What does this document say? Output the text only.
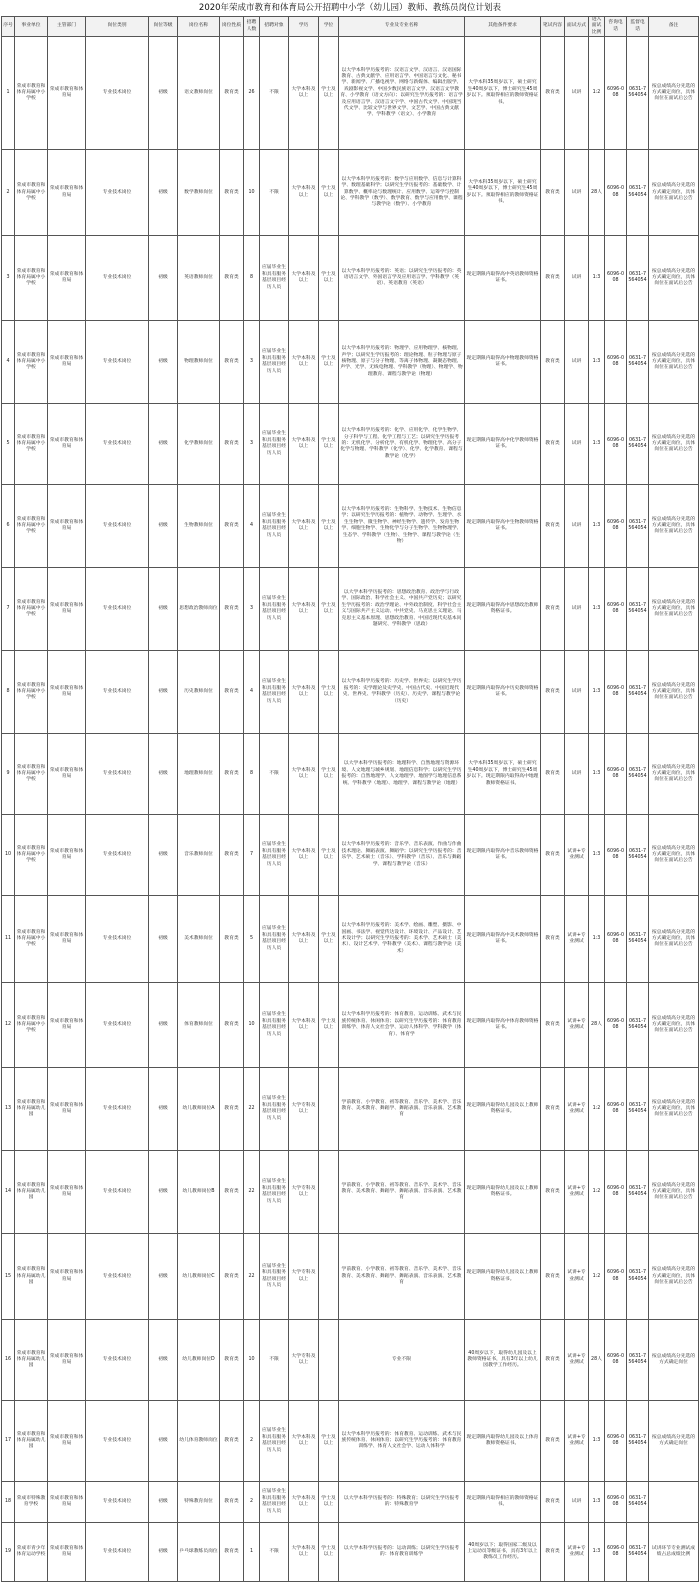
2020年荣成市教育和体育局公开招聘中小学（幼儿园）教师、教练员岗位计划表
序号	事业单位	主管部门	岗位类别	岗位等级	岗位名称	岗位性质	招聘人数	招聘对象	学历	学位	专业及专业名称	其他条件要求	笔试内容	面试方式	进入面试比例	咨询电话	监督电话	备注
1	荣成市教育和体育局属中小学校	荣成市教育和体育局	专业技术岗位	初级	语文教师岗位	教育类	26	不限	大学本科及以上	学士及以上	以大学本科学历报考的：汉语言文学、汉语言、汉语国际教育、古典文献学、应用语言学、中国语言与文化、秘书学、新闻学、广播电视学、网络与新媒体、编辑出版学、戏剧影视文学、中国少数民族语言文学、汉语言文学教育、小学教育（语文方向）；以研究生学历报考的：语言学及应用语言学、汉语言文字学、中国古代文学、中国现当代文学、比较文学与世界文学、文艺学、中国古典文献学、学科教学（语文）、小学教育	大学本科35周岁以下，硕士研究生40周岁以下，博士研究生45周岁以下。须取得相应的教师资格证书。	教育类	试讲	1:2	6096-008	0631-7564054	按总成绩高分先选的方式确定岗位，具体岗位在面试后公告
2	荣成市教育和体育局属中小学校	荣成市教育和体育局	专业技术岗位	初级	数学教师岗位	教育类	10	不限	大学本科及以上	学士及以上	以大学本科学历报考的：数学与应用数学、信息与计算科学、数理基础科学；以研究生学历报考的：基础数学、计算数学、概率论与数理统计、应用数学、运筹学与控制论、学科教学（数学）、数学教育、数学与应用数学、课程与教学论（数学）、小学教育	大学本科35周岁以下，硕士研究生40周岁以下，博士研究生45周岁以下。须取得相应的教师资格证书。	教育类	试讲	28人	6096-008	0631-7564054	按总成绩高分先选的方式确定岗位，具体岗位在面试后公告
3	荣成市教育和体育局属中小学校	荣成市教育和体育局	专业技术岗位	初级	英语教师岗位	教育类	8	应届毕业生和具有服务基层项目经历人员	大学本科及以上	学士及以上	以大学本科学历报考的：英语；以研究生学历报考的：英语语言文学、外国语言学及应用语言学、学科教学（英语）、英语教育（英语）	现定期限内取得高中英语教师资格证书。	教育类	试讲	1:3	6096-008	0631-7564054	按总成绩高分先选的方式确定岗位，具体岗位在面试后公告
4	荣成市教育和体育局属中小学校	荣成市教育和体育局	专业技术岗位	初级	物理教师岗位	教育类	3	应届毕业生和具有服务基层项目经历人员	大学本科及以上	学士及以上	以大学本科学历报考的：物理学、应用物理学、核物理、声学；以研究生学历报考的：理论物理、粒子物理与原子核物理、原子与分子物理、等离子体物理、凝聚态物理、声学、光学、无线电物理、学科教学（物理）、物理学、物理教育、课程与教学论（物理）	现定期限内取得高中物理教师资格证书。	教育类	试讲	1:3	6096-008	0631-7564054	按总成绩高分先选的方式确定岗位，具体岗位在面试后公告
5	荣成市教育和体育局属中小学校	荣成市教育和体育局	专业技术岗位	初级	化学教师岗位	教育类	3	应届毕业生和具有服务基层项目经历人员	大学本科及以上	学士及以上	以大学本科学历报考的：化学、应用化学、化学生物学、分子科学与工程、化学工程与工艺；以研究生学历报考的：无机化学、分析化学、有机化学、物理化学、高分子化学与物理、学科教学（化学）、化学、化学教育、课程与教学论（化学）	现定期限内取得高中化学教师资格证书。	教育类	试讲	1:3	6096-008	0631-7564054	按总成绩高分先选的方式确定岗位，具体岗位在面试后公告
6	荣成市教育和体育局属中小学校	荣成市教育和体育局	专业技术岗位	初级	生物教师岗位	教育类	4	应届毕业生和具有服务基层项目经历人员	大学本科及以上	学士及以上	以大学本科学历报考的：生物科学、生物技术、生物信息学；以研究生学历报考的：植物学、动物学、生理学、水生生物学、微生物学、神经生物学、遗传学、发育生物学、细胞生物学、生物化学与分子生物学、生物物理学、生态学、学科教学（生物）、生物学、课程与教学论（生物）	现定期限内取得高中生物教师资格证书。	教育类	试讲	1:3	6096-008	0631-7564054	按总成绩高分先选的方式确定岗位，具体岗位在面试后公告
7	荣成市教育和体育局属中小学校	荣成市教育和体育局	专业技术岗位	初级	思想政治教师岗位	教育类	3	应届毕业生和具有服务基层项目经历人员	大学本科及以上	学士及以上	以大学本科学历报考的：思想政治教育、政治学与行政学、国际政治、科学社会主义、中国共产党历史；以研究生学历报考的：政治学理论、中外政治制度、科学社会主义与国际共产主义运动、中共党史、马克思主义理论、马克思主义基本原理、思想政治教育、中国近现代史基本问题研究、学科教学（思政）	现定期限内取得高中思想政治教师资格证书。	教育类	试讲	1:3	6096-008	0631-7564054	按总成绩高分先选的方式确定岗位，具体岗位在面试后公告
8	荣成市教育和体育局属中小学校	荣成市教育和体育局	专业技术岗位	初级	历史教师岗位	教育类	4	应届毕业生和具有服务基层项目经历人员	大学本科及以上	学士及以上	以大学本科学历报考的：历史学、世界史；以研究生学历报考的：史学理论及史学史、中国古代史、中国近现代史、世界史、学科教学（历史）、历史学、课程与教学论（历史）	现定期限内取得高中历史教师资格证书。	教育类	试讲	1:3	6096-008	0631-7564054	按总成绩高分先选的方式确定岗位，具体岗位在面试后公告
9	荣成市教育和体育局属中小学校	荣成市教育和体育局	专业技术岗位	初级	地理教师岗位	教育类	8	不限	大学本科及以上	学士及以上	以大学本科学历报考的：地理科学、自然地理与资源环境、人文地理与城乡规划、地理信息科学；以研究生学历报考的：自然地理学、人文地理学、地图学与地理信息系统、学科教学（地理）、地理学、课程与教学论（地理）	大学本科35周岁以下，硕士研究生40周岁以下，博士研究生45周岁以下。现定期限内取得高中地理教师资格证书。	教育类	试讲	1:3	6096-008	0631-7564054	按总成绩高分先选的方式确定岗位，具体岗位在面试后公告
10	荣成市教育和体育局属中小学校	荣成市教育和体育局	专业技术岗位	初级	音乐教师岗位	教育类	7	应届毕业生和具有服务基层项目经历人员	大学本科及以上	学士及以上	以大学本科学历报考的：音乐学、音乐表演、作曲与作曲技术理论、舞蹈表演、舞蹈学；以研究生学历报考的：音乐学、艺术硕士（音乐）、学科教学（音乐）、音乐与舞蹈学、课程与教学论（音乐）	现定期限内取得高中音乐教师资格证书。	教育类	试讲+专业测试	1:3	6096-008	0631-7564054	按总成绩高分先选的方式确定岗位，具体岗位在面试后公告
11	荣成市教育和体育局属中小学校	荣成市教育和体育局	专业技术岗位	初级	美术教师岗位	教育类	5	应届毕业生和具有服务基层项目经历人员	大学本科及以上	学士及以上	以大学本科学历报考的：美术学、绘画、雕塑、摄影、中国画、书法学、视觉传达设计、环境设计、产品设计、艺术设计学；以研究生学历报考的：美术学、艺术硕士（美术）、设计艺术学、学科教学（美术）、课程与教学论（美术）	现定期限内取得高中美术教师资格证书。	教育类	试讲+专业测试	1:3	6096-008	0631-7564054	按总成绩高分先选的方式确定岗位，具体岗位在面试后公告
12	荣成市教育和体育局属中小学校	荣成市教育和体育局	专业技术岗位	初级	体育教师岗位	教育类	10	应届毕业生和具有服务基层项目经历人员	大学本科及以上	学士及以上	以大学本科学历报考的：体育教育、运动训练、武术与民族传统体育、休闲体育；以研究生学历报考的：体育教育训练学、体育人文社会学、运动人体科学、学科教学（体育）、体育学	现定期限内取得高中体育教师资格证书。	教育类	试讲+专业测试	28人	6096-008	0631-7564054	按总成绩高分先选的方式确定岗位，具体岗位在面试后公告
13	荣成市教育和体育局属幼儿园	荣成市教育和体育局	专业技术岗位	初级	幼儿教师岗位A	教育类	22	应届毕业生和具有服务基层项目经历人员	大学专科及以上		学前教育、小学教育、初等教育、音乐学、美术学、音乐教育、美术教育、舞蹈学、舞蹈表演、音乐表演、艺术教育	现定期限内取得幼儿园及以上教师资格证书。	教育类	试讲+专业测试	1:2	6096-008	0631-7564054	按总成绩高分先选的方式确定岗位，具体岗位在面试后公告
14	荣成市教育和体育局属幼儿园	荣成市教育和体育局	专业技术岗位	初级	幼儿教师岗位B	教育类	22	应届毕业生和具有服务基层项目经历人员	大学专科及以上		学前教育、小学教育、初等教育、音乐学、美术学、音乐教育、美术教育、舞蹈学、舞蹈表演、音乐表演、艺术教育	现定期限内取得幼儿园及以上教师资格证书。	教育类	试讲+专业测试	1:2	6096-008	0631-7564054	按总成绩高分先选的方式确定岗位，具体岗位在面试后公告
15	荣成市教育和体育局属幼儿园	荣成市教育和体育局	专业技术岗位	初级	幼儿教师岗位C	教育类	22	应届毕业生和具有服务基层项目经历人员	大学专科及以上		学前教育、小学教育、初等教育、音乐学、美术学、音乐教育、美术教育、舞蹈学、舞蹈表演、音乐表演、艺术教育	现定期限内取得幼儿园及以上教师资格证书。	教育类	试讲+专业测试	1:2	6096-008	0631-7564054	按总成绩高分先选的方式确定岗位，具体岗位在面试后公告
16	荣成市教育和体育局属幼儿园	荣成市教育和体育局	专业技术岗位	初级	幼儿教师岗位D	教育类	10	不限	大学专科及以上		专业不限	40周岁以下，取得幼儿园及以上教师资格证书，具有3年以上幼儿园教学工作经历。	教育类	试讲+专业测试	28人	6096-008	0631-7564054	按总成绩高分先选的方式确定岗位
17	荣成市教育和体育局属幼儿园	荣成市教育和体育局	专业技术岗位	初级	幼儿体育教师岗位	教育类	2	应届毕业生和具有服务基层项目经历人员	大学本科及以上	学士及以上	以大学本科学历报考的：体育教育、运动训练、武术与民族传统体育、休闲体育；以研究生学历报考的：体育教育训练学、体育人文社会学、运动人体科学	现定期限内取得幼儿园及以上体育教师资格证书。	教育类	试讲+专业测试	1:3	6096-008	0631-7564054	按总成绩高分先选的方式确定岗位
18	荣成市特殊教育学校	荣成市教育和体育局	专业技术岗位	初级	特殊教育岗位	教育类	2	应届毕业生和具有服务基层项目经历人员	大学本科及以上	学士及以上	以大学本科学历报考的：特殊教育；以研究生学历报考的：特殊教育学	现定期限内取得相应的教师资格证书。	教育类	试讲	1:3	6096-008	0631-7564054	
19	荣成市青少年体育运动学校	荣成市教育和体育局	专业技术岗位	初级	乒乓球教练员岗位	教育类	1	不限	大学本科及以上	学士及以上	以大学本科学历报考的：运动训练；以研究生学历报考的：体育教育训练学	40周岁以下；取得国家二级及以上运动员等级证书，具有3年以上教练员工作经历。	教育类	试讲+专业测试	1:3	6096-008	0631-7564054	试讲环节专业测试成绩占总成绩比例
